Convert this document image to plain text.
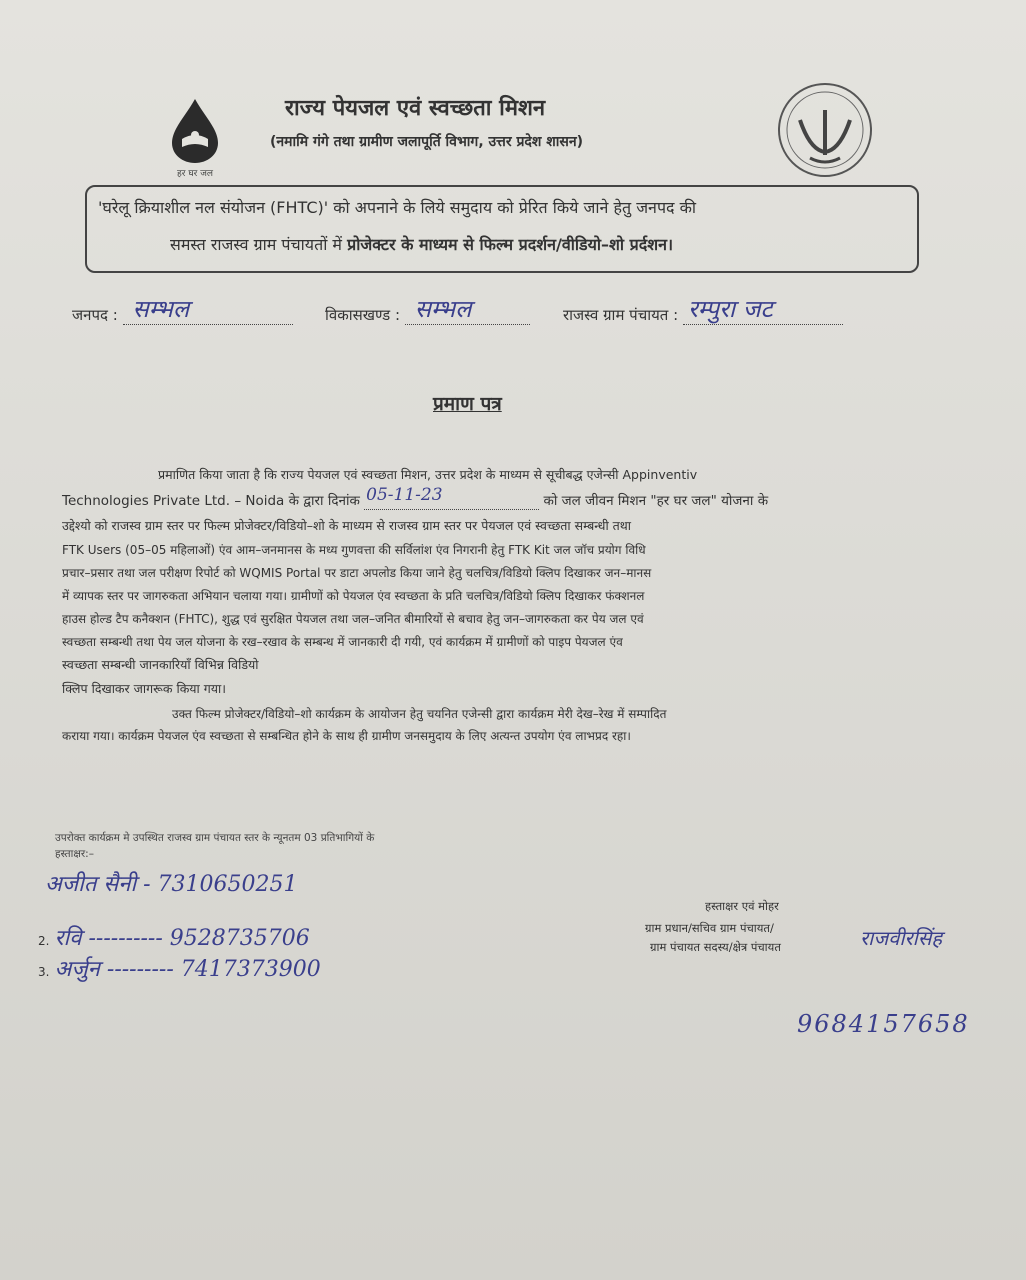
हर घर जल
राज्य पेयजल एवं स्वच्छता मिशन
(नमामि गंगे तथा ग्रामीण जलापूर्ति विभाग, उत्तर प्रदेश शासन)
'घरेलू क्रियाशील नल संयोजन (FHTC)' को अपनाने के लिये समुदाय को प्रेरित किये जाने हेतु जनपद की
समस्त राजस्व ग्राम पंचायतों में प्रोजेक्टर के माध्यम से फिल्म प्रदर्शन/वीडियो–शो प्रर्दशन।
जनपद : सम्भल
	विकासखण्ड : सम्भल
	राजस्व ग्राम पंचायत : रम्पुरा जट

प्रमाण पत्र
प्रमाणित किया जाता है कि राज्य पेयजल एवं स्वच्छता मिशन, उत्तर प्रदेश के माध्यम से सूचीबद्ध एजेन्सी Appinventiv
Technologies Private Ltd. – Noida के द्वारा दिनांक 05-11-23	को जल जीवन मिशन "हर घर जल" योजना के
उद्देश्यो को राजस्व ग्राम स्तर पर फिल्म प्रोजेक्टर/विडियो–शो के माध्यम से राजस्व ग्राम स्तर पर पेयजल एवं स्वच्छता सम्बन्धी तथा
FTK Users (05–05 महिलाओं) एंव आम–जनमानस के मध्य गुणवत्ता की सर्विलांश एंव निगरानी हेतु FTK Kit जल जॉच प्रयोग विधि
प्रचार–प्रसार तथा जल परीक्षण रिपोर्ट को WQMIS Portal पर डाटा अपलोड किया जाने हेतु चलचित्र/विडियो क्लिप दिखाकर जन–मानस
में व्यापक स्तर पर जागरुकता अभियान चलाया गया। ग्रामीणों को पेयजल एंव स्वच्छता के प्रति चलचित्र/विडियो क्लिप दिखाकर फंक्शनल
हाउस होल्ड टैप कनैक्शन (FHTC), शुद्ध एवं सुरक्षित पेयजल तथा जल–जनित बीमारियों से बचाव हेतु जन–जागरुकता कर पेय जल एवं
स्वच्छता सम्बन्धी तथा पेय जल योजना के रख–रखाव के सम्बन्ध में जानकारी दी गयी, एवं कार्यक्रम में ग्रामीणों को पाइप पेयजल एंव
स्वच्छता सम्बन्धी जानकारियॉं विभिन्न विडियो
क्लिप दिखाकर जागरूक किया गया।
उक्त फिल्म प्रोजेक्टर/विडियो–शो कार्यक्रम के आयोजन हेतु चयनित एजेन्सी द्वारा कार्यक्रम मेरी देख–रेख में सम्पादित
कराया गया। कार्यक्रम पेयजल एंव स्वच्छता से सम्बन्धित होने के साथ ही ग्रामीण जनसमुदाय के लिए अत्यन्त उपयोग एंव लाभप्रद रहा।
उपरोक्त कार्यक्रम मे उपस्थित राजस्व ग्राम पंचायत स्तर के न्यूनतम 03 प्रतिभागियों के
हस्ताक्षर:–
अजीत सैनी - 7310650251
2. रवि ---------- 9528735706
3. अर्जुन --------- 7417373900
हस्ताक्षर एवं मोहर
ग्राम प्रधान/सचिव ग्राम पंचायत/
ग्राम पंचायत सदस्य/क्षेत्र पंचायत	राजवीरसिंह
9684157658
